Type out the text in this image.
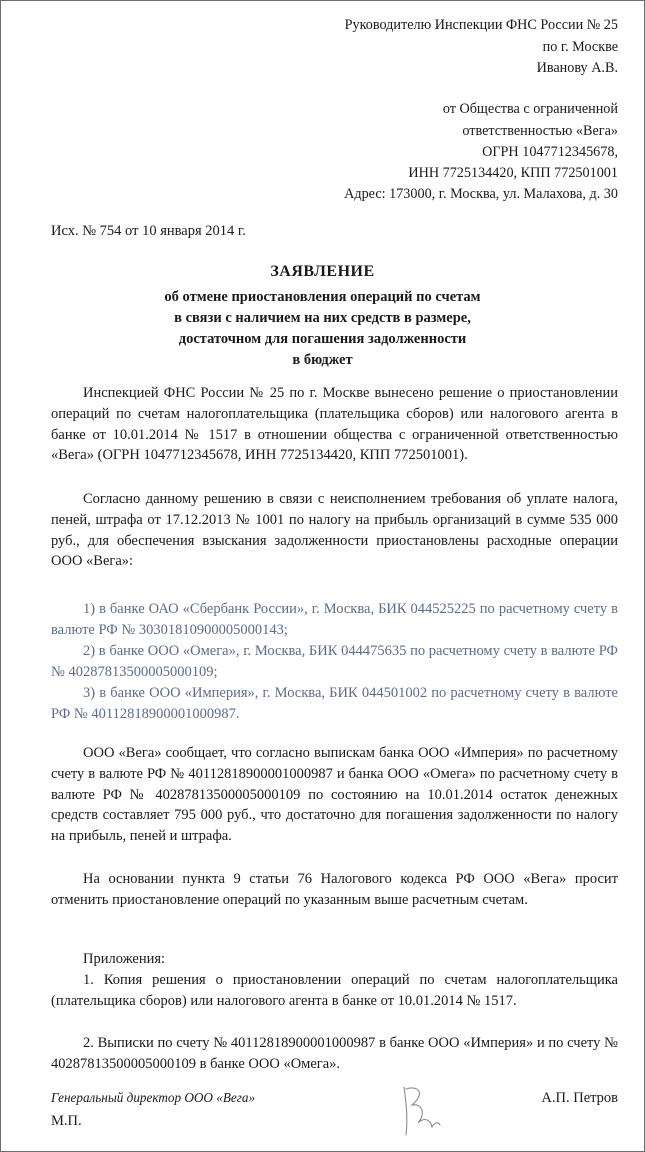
Руководителю Инспекции ФНС России № 25
по г. Москве
Иванову А.В.
от Общества с ограниченной
ответственностью «Вега»
ОГРН 1047712345678,
ИНН 7725134420, КПП 772501001
Адрес: 173000, г. Москва, ул. Малахова, д. 30
Исх. № 754 от 10 января 2014 г.
ЗАЯВЛЕНИЕ
об отмене приостановления операций по счетам
в связи с наличием на них средств в размере,
достаточном для погашения задолженности
в бюджет
Инспекцией ФНС России № 25 по г. Москве вынесено решение о приостановлении операций по счетам налогоплательщика (плательщика сборов) или налогового агента в банке от 10.01.2014 № 1517 в отношении общества с ограниченной ответственностью «Вега» (ОГРН 1047712345678, ИНН 7725134420, КПП 772501001).
Согласно данному решению в связи с неисполнением требования об уплате налога, пеней, штрафа от 17.12.2013 № 1001 по налогу на прибыль организаций в сумме 535 000 руб., для обеспечения взыскания задолженности приостановлены расходные операции ООО «Вега»:
1) в банке ОАО «Сбербанк России», г. Москва, БИК 044525225 по расчетному счету в валюте РФ № 30301810900005000143;
2) в банке ООО «Омега», г. Москва, БИК 044475635 по расчетному счету в валюте РФ № 40287813500005000109;
3) в банке ООО «Империя», г. Москва, БИК 044501002 по расчетному счету в валюте РФ № 40112818900001000987.
ООО «Вега» сообщает, что согласно выпискам банка ООО «Империя» по расчетному счету в валюте РФ № 40112818900001000987 и банка ООО «Омега» по расчетному счету в валюте РФ № 40287813500005000109 по состоянию на 10.01.2014 остаток денежных средств составляет 795 000 руб., что достаточно для погашения задолженности по налогу на прибыль, пеней и штрафа.
На основании пункта 9 статьи 76 Налогового кодекса РФ ООО «Вега» просит отменить приостановление операций по указанным выше расчетным счетам.
Приложения:
1. Копия решения о приостановлении операций по счетам налогоплательщика (плательщика сборов) или налогового агента в банке от 10.01.2014 № 1517.
2. Выписки по счету № 40112818900001000987 в банке ООО «Империя» и по счету № 40287813500005000109 в банке ООО «Омега».
Генеральный директор ООО «Вега»	А.П. Петров
М.П.
